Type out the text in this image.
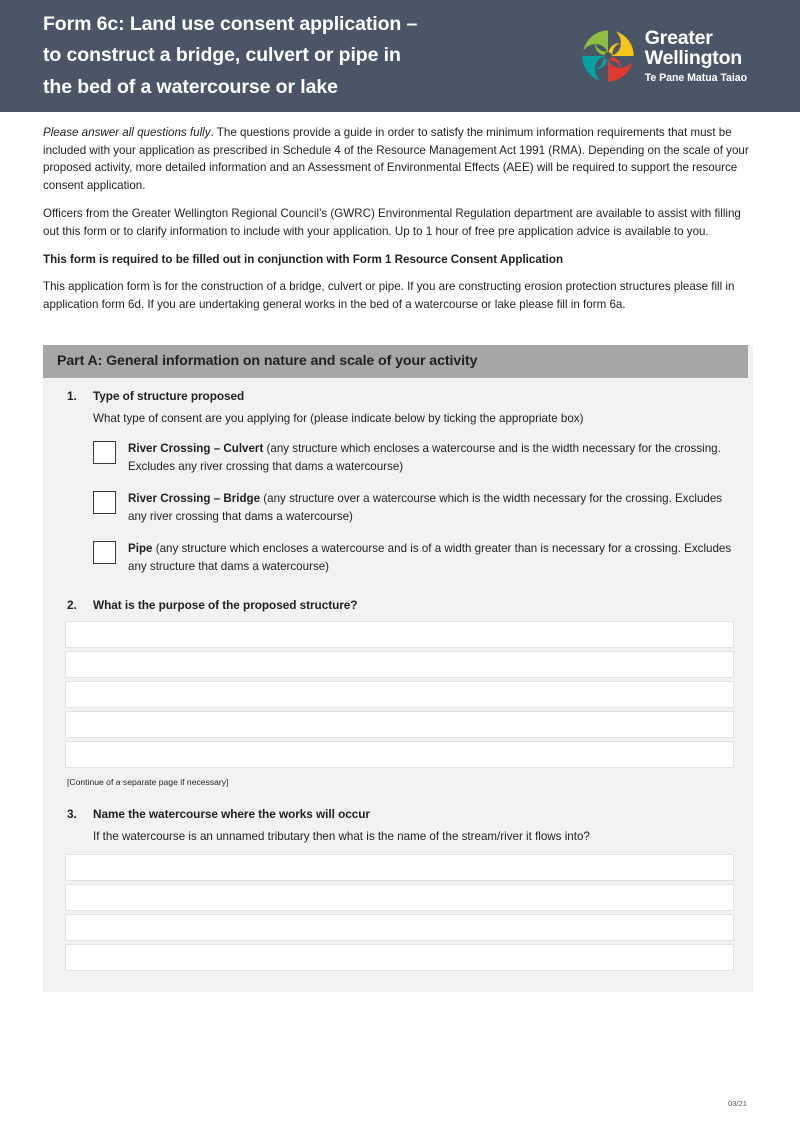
Form 6c: Land use consent application –
to construct a bridge, culvert or pipe in
the bed of a watercourse or lake
Greater
Wellington
Te Pane Matua Taiao

Please answer all questions fully. The questions provide a guide in order to satisfy the minimum information requirements that must be included with your application as prescribed in Schedule 4 of the Resource Management Act 1991 (RMA). Depending on the scale of your proposed activity, more detailed information and an Assessment of Environmental Effects (AEE) will be required to support the resource consent application.

Officers from the Greater Wellington Regional Council’s (GWRC) Environmental Regulation department are available to assist with filling out this form or to clarify information to include with your application. Up to 1 hour of free pre application advice is available to you.

This form is required to be filled out in conjunction with Form 1 Resource Consent Application

This application form is for the construction of a bridge, culvert or pipe. If you are constructing erosion protection structures please fill in application form 6d. If you are undertaking general works in the bed of a watercourse or lake please fill in form 6a.

Part A: General information on nature and scale of your activity
1.	Type of structure proposed
What type of consent are you applying for (please indicate below by ticking the appropriate box)
River Crossing – Culvert (any structure which encloses a watercourse and is the width necessary for the crossing. Excludes any river crossing that dams a watercourse)
River Crossing – Bridge (any structure over a watercourse which is the width necessary for the crossing. Excludes any river crossing that dams a watercourse)
Pipe (any structure which encloses a watercourse and is of a width greater than is necessary for a crossing. Excludes any structure that dams a watercourse)
2.	What is the purpose of the proposed structure?
[Continue of a separate page if necessary]
3.	Name the watercourse where the works will occur
If the watercourse is an unnamed tributary then what is the name of the stream/river it flows into?
03/21
